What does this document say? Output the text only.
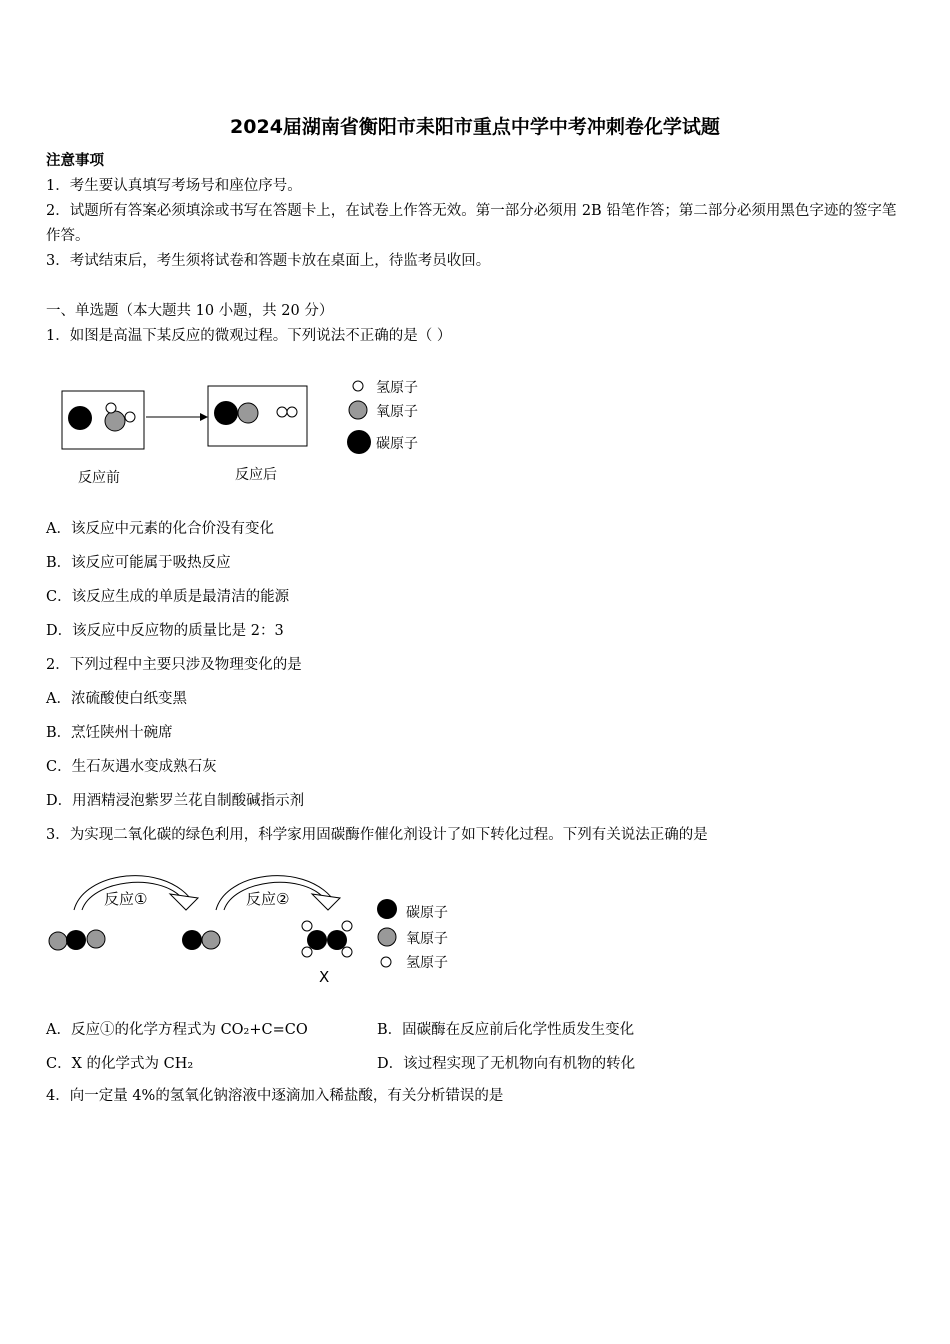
2024届湖南省衡阳市耒阳市重点中学中考冲刺卷化学试题
注意事项
1．考生要认真填写考场号和座位序号。
2．试题所有答案必须填涂或书写在答题卡上，在试卷上作答无效。第一部分必须用 2B 铅笔作答；第二部分必须用黑色字迹的签字笔作答。
3．考试结束后，考生须将试卷和答题卡放在桌面上，待监考员收回。
一、单选题（本大题共 10 小题，共 20 分）
1．如图是高温下某反应的微观过程。下列说法不正确的是（ ）
反应前	反应后
氢原子
氧原子
碳原子
A．该反应中元素的化合价没有变化
B．该反应可能属于吸热反应
C．该反应生成的单质是最清洁的能源
D．该反应中反应物的质量比是 2：3
2．下列过程中主要只涉及物理变化的是
A．浓硫酸使白纸变黑
B．烹饪陕州十碗席
C．生石灰遇水变成熟石灰
D．用酒精浸泡紫罗兰花自制酸碱指示剂
3．为实现二氧化碳的绿色利用，科学家用固碳酶作催化剂设计了如下转化过程。下列有关说法正确的是
反应①	反应②
X
碳原子
氧原子
氢原子
A．反应①的化学方程式为 CO₂+C=CO	B．固碳酶在反应前后化学性质发生变化
C．X 的化学式为 CH₂	D．该过程实现了无机物向有机物的转化
4．向一定量 4%的氢氧化钠溶液中逐滴加入稀盐酸，有关分析错误的是
